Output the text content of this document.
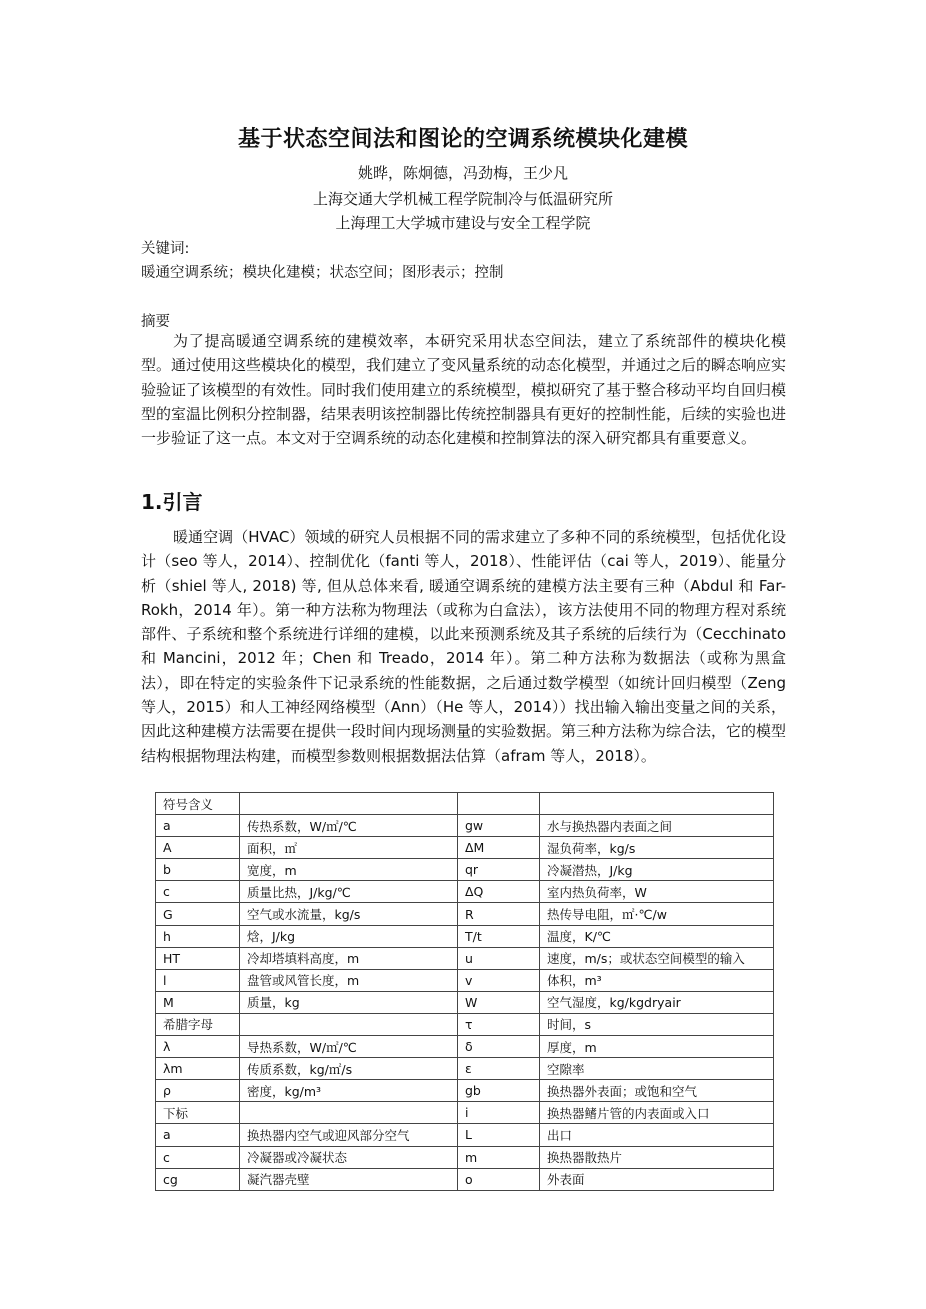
基于状态空间法和图论的空调系统模块化建模
姚晔，陈炯德，冯劲梅，王少凡
上海交通大学机械工程学院制冷与低温研究所
上海理工大学城市建设与安全工程学院
关键词:
暖通空调系统；模块化建模；状态空间；图形表示；控制
摘要

为了提高暖通空调系统的建模效率，本研究采用状态空间法，建立了系统部件的模块化模型。通过使用这些模块化的模型，我们建立了变风量系统的动态化模型，并通过之后的瞬态响应实验验证了该模型的有效性。同时我们使用建立的系统模型，模拟研究了基于整合移动平均自回归模型的室温比例积分控制器，结果表明该控制器比传统控制器具有更好的控制性能，后续的实验也进一步验证了这一点。本文对于空调系统的动态化建模和控制算法的深入研究都具有重要意义。

1.引言

暖通空调（HVAC）领域的研究人员根据不同的需求建立了多种不同的系统模型，包括优化设计（seo 等人，2014）、控制优化（fanti 等人，2018）、性能评估（cai 等人，2019）、能量分析（shiel 等人, 2018) 等, 但从总体来看, 暖通空调系统的建模方法主要有三种（Abdul 和 Far-Rokh，2014 年）。第一种方法称为物理法（或称为白盒法），该方法使用不同的物理方程对系统部件、子系统和整个系统进行详细的建模，以此来预测系统及其子系统的后续行为（Cecchinato 和 Mancini，2012 年；Chen 和 Treado，2014 年）。第二种方法称为数据法（或称为黑盒法），即在特定的实验条件下记录系统的性能数据，之后通过数学模型（如统计回归模型（Zeng 等人，2015）和人工神经网络模型（Ann）（He 等人，2014））找出输入输出变量之间的关系，因此这种建模方法需要在提供一段时间内现场测量的实验数据。第三种方法称为综合法，它的模型结构根据物理法构建，而模型参数则根据数据法估算（afram 等人，2018）。

符号含义			
a	传热系数，W/㎡/℃	gw	水与换热器内表面之间
A	面积，㎡	ΔM	湿负荷率，kg/s
b	宽度，m	qr	冷凝潜热，J/kg
c	质量比热，J/kg/℃	ΔQ	室内热负荷率，W
G	空气或水流量，kg/s	R	热传导电阻，㎡·℃/w
h	焓，J/kg	T/t	温度，K/℃
HT	冷却塔填料高度，m	u	速度，m/s；或状态空间模型的输入
l	盘管或风管长度，m	v	体积，m³
M	质量，kg	W	空气湿度，kg/kgdryair
希腊字母		τ	时间，s
λ	导热系数，W/㎡/℃	δ	厚度，m
λm	传质系数，kg/㎡/s	ε	空隙率
ρ	密度，kg/m³	gb	换热器外表面；或饱和空气
下标		i	换热器鳍片管的内表面或入口
a	换热器内空气或迎风部分空气	L	出口
c	冷凝器或冷凝状态	m	换热器散热片
cg	凝汽器壳壁	o	外表面
